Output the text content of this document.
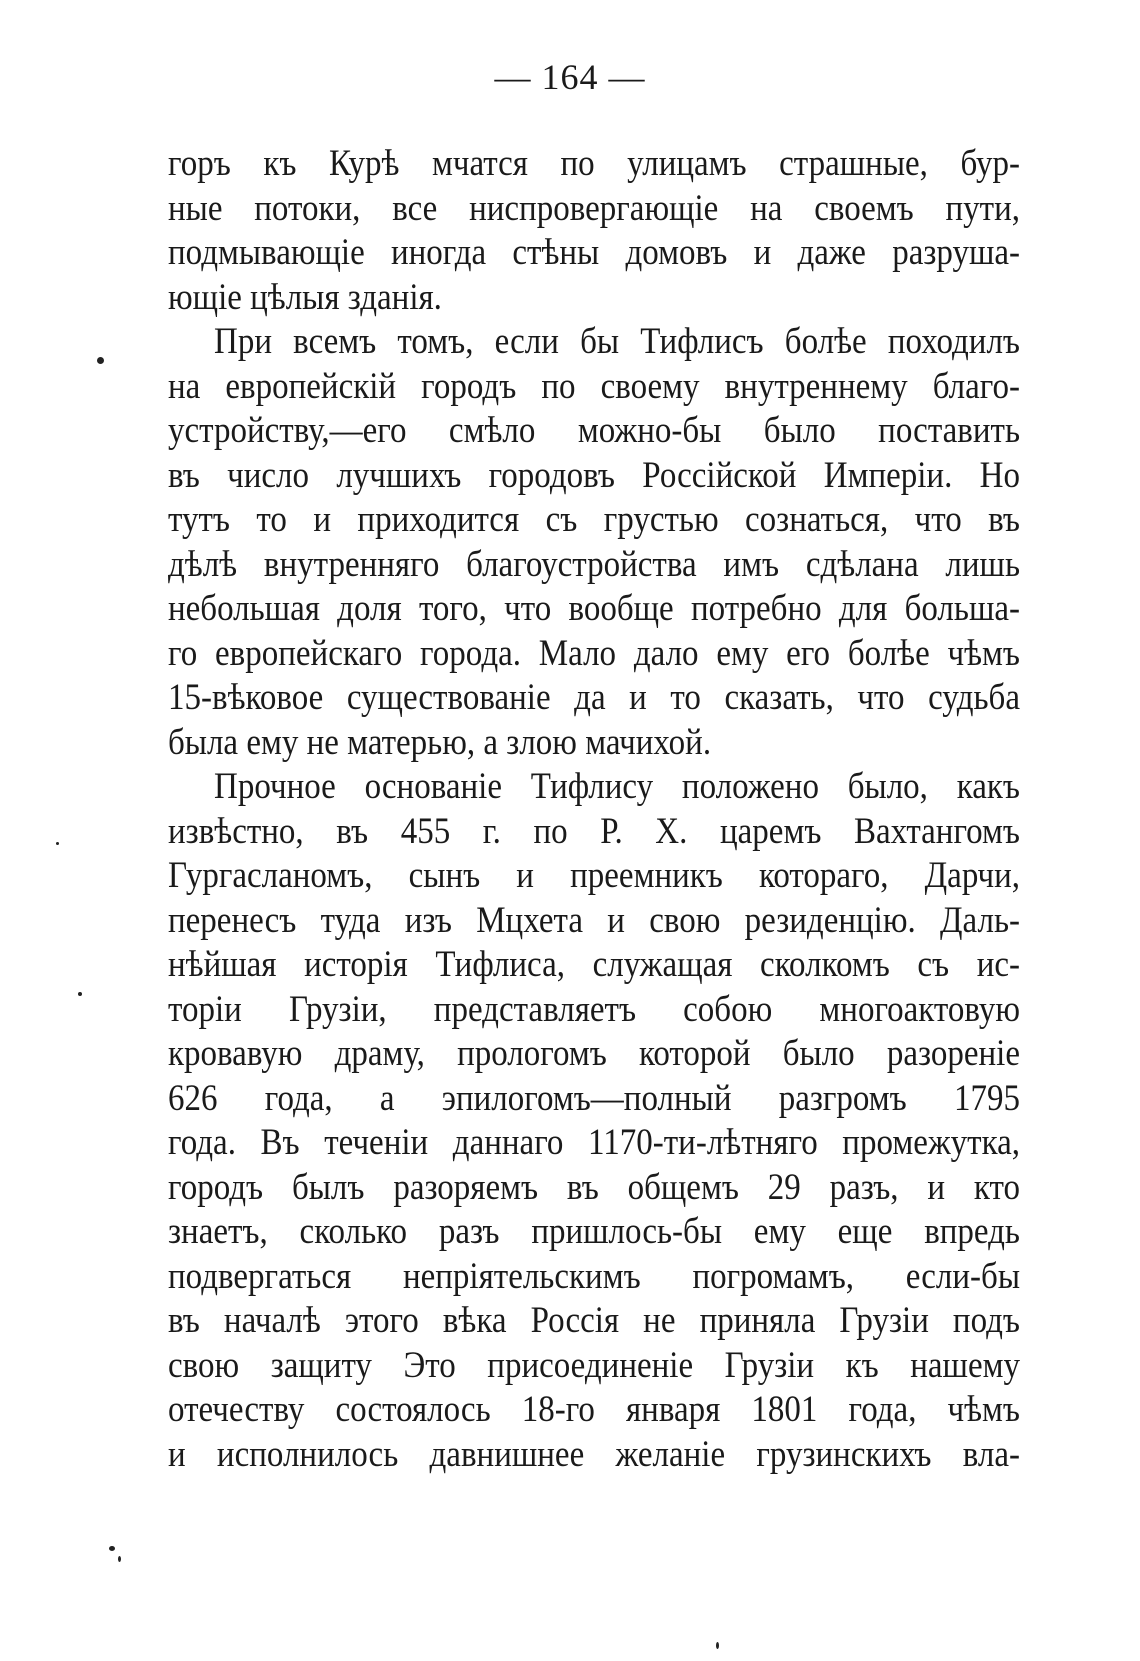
— 164 —
горъ къ Курѣ мчатся по улицамъ страшные, бур-
ные потоки, все ниспровергающіе на своемъ пути,
подмывающіе иногда стѣны домовъ и даже разруша-
ющіе цѣлыя зданія.
При всемъ томъ, если бы Тифлисъ болѣе походилъ
на европейскій городъ по своему внутреннему благо-
устройству,—его смѣло можно-бы было поставить
въ число лучшихъ городовъ Россійской Имперіи. Но
тутъ то и приходится съ грустью сознаться, что въ
дѣлѣ внутренняго благоустройства имъ сдѣлана лишь
небольшая доля того, что вообще потребно для большa-
го европейскаго города. Мало дало ему его болѣе чѣмъ
15-вѣковое существованіе да и то сказать, что судьба
была ему не матерью, а злою мачихой.
Прочное основаніе Тифлису положено было, какъ
извѣстно, въ 455 г. по Р. Х. царемъ Вахтангомъ
Гургасланомъ, сынъ и преемникъ котораго, Дарчи,
перенесъ туда изъ Мцхета и свою резиденцію. Даль-
нѣйшая исторія Тифлиса, служащая сколкомъ съ ис-
торіи Грузіи, представляетъ собою многоактовую
кровавую драму, прологомъ которой было разореніе
626 года, а эпилогомъ—полный разгромъ 1795
года. Въ теченіи даннаго 1170-ти-лѣтняго промежутка,
городъ былъ разоряемъ въ общемъ 29 разъ, и кто
знаетъ, сколько разъ пришлось-бы ему еще впредь
подвергаться непріятельскимъ погромамъ, если-бы
въ началѣ этого вѣка Россія не приняла Грузіи подъ
свою защиту Это присоединеніе Грузіи къ нашему
отечеству состоялось 18-го января 1801 года, чѣмъ
и исполнилось давнишнее желаніе грузинскихъ вла-
